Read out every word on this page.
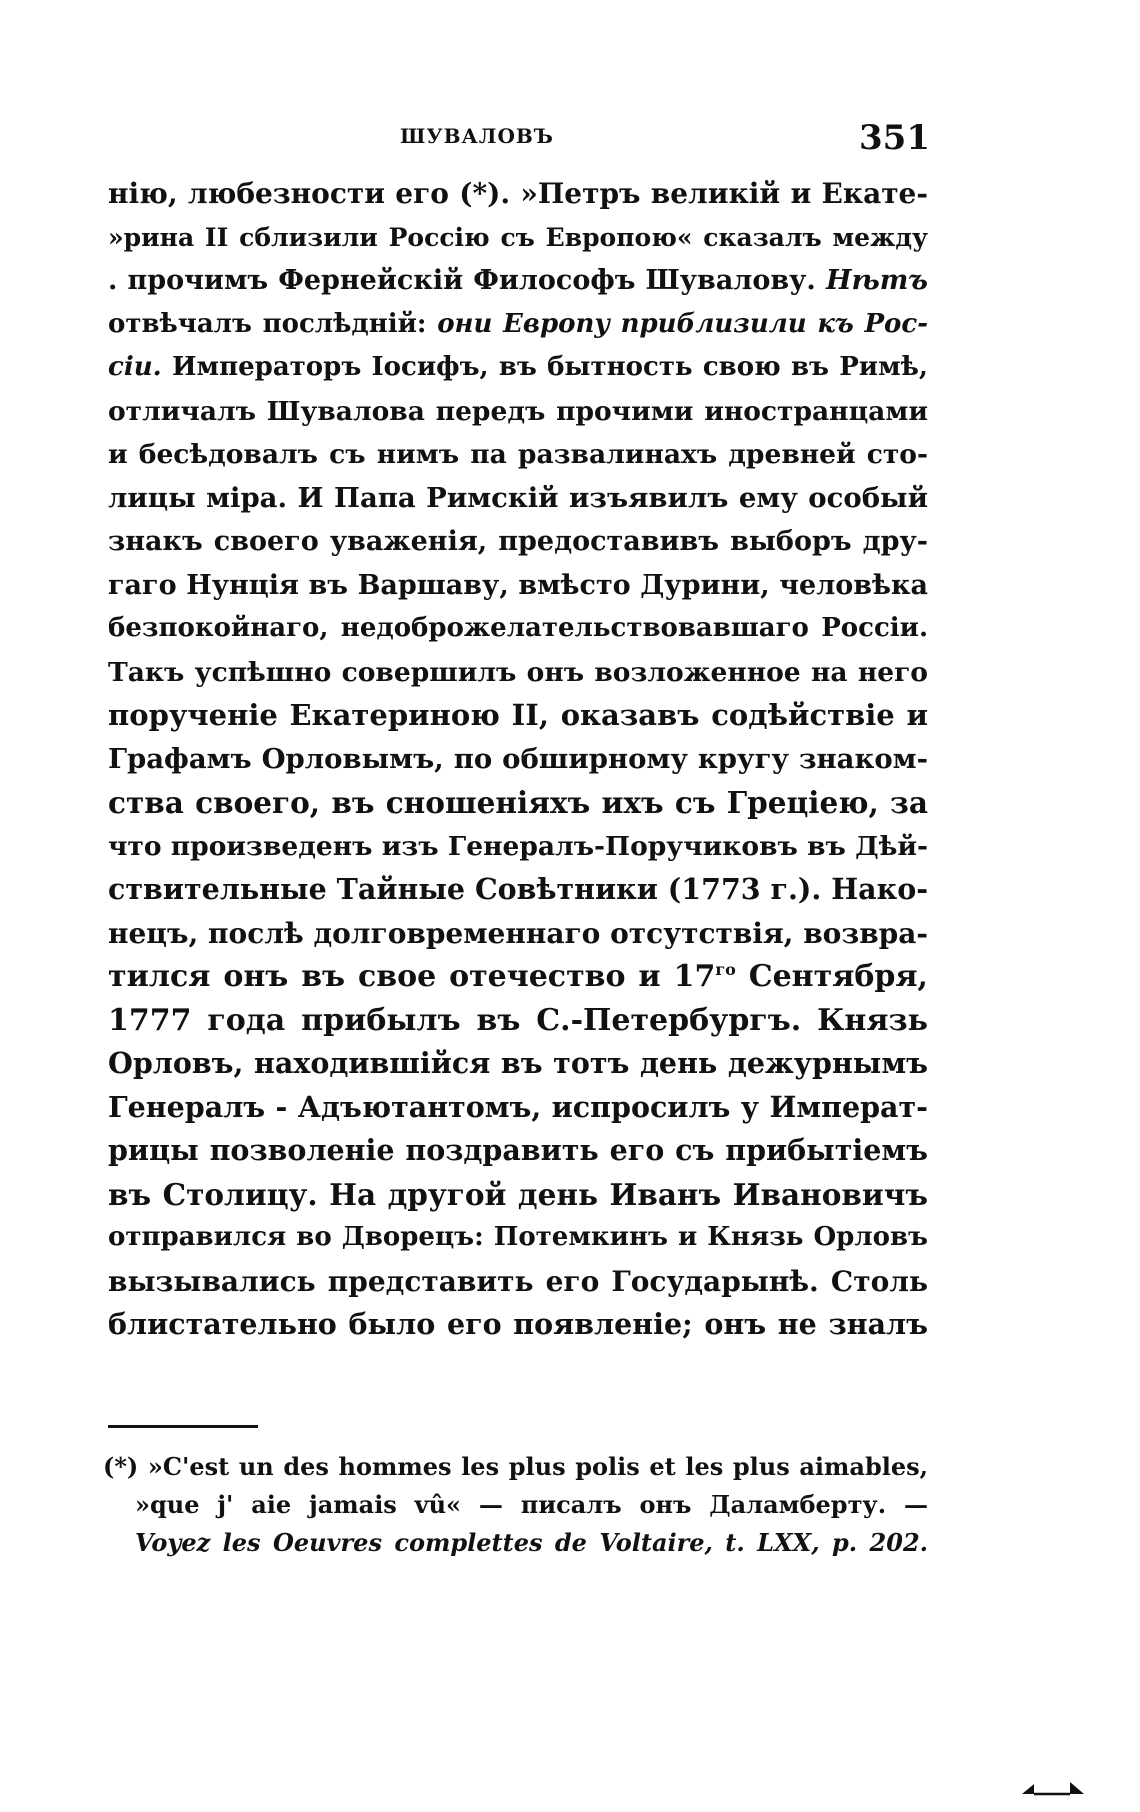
ШУВАЛОВЪ	351
нію, любезности его (*). »Петръ великій и Екате-
»рина II сблизили Россію съ Европою« сказалъ между
. прочимъ Фернейскій Философъ Шувалову. Нѣтъ
отвѣчалъ послѣдній: они Европу приблизили къ Рос-
сіи. Императоръ Іосифъ, въ бытность свою въ Римѣ,
отличалъ Шувалова передъ прочими иностранцами
и бесѣдовалъ съ нимъ па развалинахъ древней сто-
лицы міра. И Папа Римскій изъявилъ ему особый
знакъ своего уваженія, предоставивъ выборъ дру-
гаго Нунція въ Варшаву, вмѣсто Дурини, человѣка
безпокойнаго, недоброжелательствовавшаго Россіи.
Такъ успѣшно совершилъ онъ возложенное на него
порученіе Екатериною II, оказавъ содѣйствіе и
Графамъ Орловымъ, по обширному кругу знаком-
ства своего, въ сношеніяхъ ихъ съ Греціею, за
что произведенъ изъ Генералъ-Поручиковъ въ Дѣй-
ствительные Тайные Совѣтники (1773 г.). Нако-
нецъ, послѣ долговременнаго отсутствія, возвра-
тился онъ въ свое отечество и $17^{го}$ Сентября,
1777 года прибылъ въ С.-Петербургъ. Князь
Орловъ, находившійся въ тотъ день дежурнымъ
Генералъ - Адъютантомъ, испросилъ у Императ-
рицы позволеніе поздравить его съ прибытіемъ
въ Столицу. На другой день Иванъ Ивановичъ
отправился во Дворецъ: Потемкинъ и Князь Орловъ
вызывались представить его Государынѣ. Столь
блистательно было его появленіе; онъ не зналъ
(*) »C'est un des hommes les plus polis et les plus aimables,
»que j' aie jamais vû« — писалъ онъ Даламберту. —
Voyez les Oeuvres complettes de Voltaire, t. LXX, p. 202.
